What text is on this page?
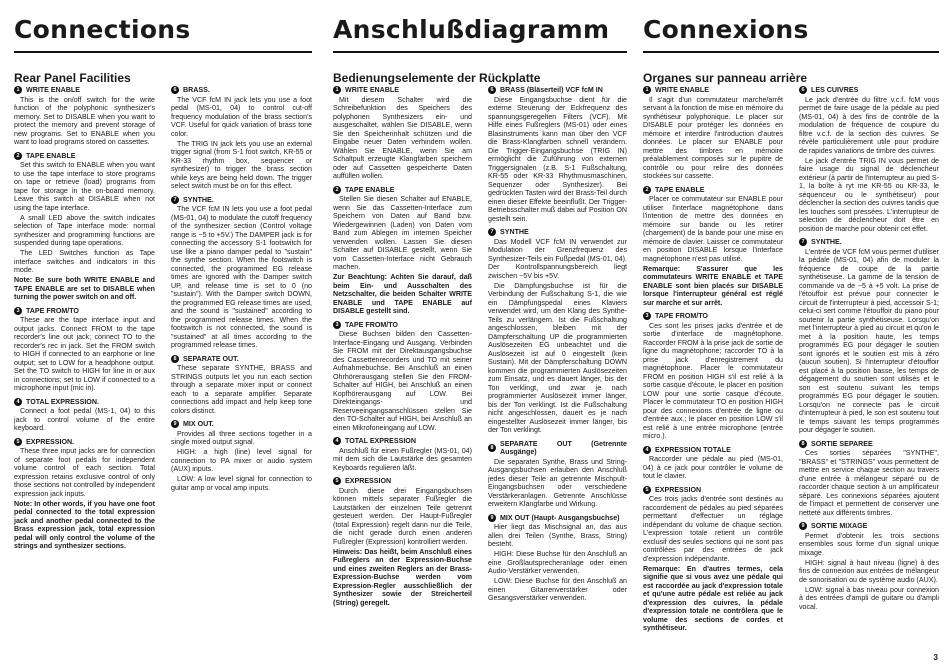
Connections
Rear Panel Facilities
1 WRITE ENABLE
This is the on/off switch for the write function of the polyphonic synthesizer's memory. Set to DISABLE when you want to protect the memory and prevent storage of new programs. Set to ENABLE when you want to load programs stored on cassettes.
2 TAPE ENABLE
Set this switch to ENABLE when you want to use the tape interface to store programs on tape or retrieve (load) programs from tape for storage in the on-board memory. Leave this switch at DISABLE when not using the tape interface.
A small LED above the switch indicates selection of Tape interface mode: normal synthesizer and programming functions are suspended during tape operations.
The LED Switches function as Tape interface switches and indicators in this mode.
Note: Be sure both WRITE ENABLE and TAPE ENABLE are set to DISABLE when turning the power switch on and off.
3 TAPE FROM/TO
These are the tape interface input and output jacks. Connect FROM to the tape recorder's line out jack; connect TO to the recorder's rec in jack. Set the FROM switch to HIGH if connected to an earphone or line output; set to LOW for a headphone output. Set the TO switch to HIGH for line in or aux in connections; set to LOW if connected to a microphone input (mic in).
4 TOTAL EXPRESSION.
Connect a foot pedal (MS-1, 04) to this jack to control volume of the entire keyboard.
5 EXPRESSION.
These three input jacks are for connection of separate foot pedals for independent volume control of each section. Total expression retains exclusive control of only those sections not controlled by independent expression jack inputs.
Note: In other words, if you have one foot pedal connected to the total expression jack and another pedal connected to the Brass expression jack, total expression pedal will only control the volume of the strings and synthesizer sections.
6 BRASS.
The VCF fcM IN jack lets you use a foot pedal (MS-01, 04) to control cut-off frequency modulation of the brass section's VCF. Useful for quick variation of brass tone color.
The TRIG IN jack lets you use an external trigger signal (from S-1 foot switch, KR-55 or KR-33 rhythm box, sequencer or synthesizer) to trigger the brass section while keys are being held down. The trigger select switch must be on for this effect.
7 SYNTHE.
The VCF fcM IN lets you use a foot pedal (MS-01, 04) to modulate the cutoff frequency of the synthesizer section (Control voltage range is −5 to +5V.) The DAMPER jack is for connecting the accessory S-1 footswitch for use like a piano damper pedal to "sustain" the synthe section. When the footswitch is connected, the programmed EG release times are ignored with the Damper switch UP, and release time is set to 0 (no "sustain"). With the Damper switch DOWN, the programmed EG release times are used, and the sound is "sustained" according to the programmed release times. When the footswitch is not connected, the sound is "sustained" at all times according to the programmed release times.
8 SEPARATE OUT.
These separate SYNTHE, BRASS and STRINGS outputs let you run each section through a separate mixer input or connect each to a separate amplifier. Separate connections add impact and help keep tone colors distinct.
9 MIX OUT.
Provides all three sections together in a single mixed output signal.
HIGH: a high (line) level signal for connection to PA mixer or audio system (AUX) inputs.
LOW: A low level signal for connection to guitar amp or vocal amp inputs.
Anschlußdiagramm
Bedienungselemente der Rückplatte
1 WRITE ENABLE
Mit diesem Schalter wird die Schreibefunktion des Speichers des polyphonen Synthesizers ein- und ausgeschaltet, wählen Sie DISABLE, wenn Sie den Speicherinhalt schützen und die Eingabe neuer Daten verhindern wollen. Wählen Sie ENABLE, wenn Sie am Schaltpult erzeugte Klangfarben speichern oder auf Cassetten gespeicherte Daten auffüllen wollen.
2 TAPE ENABLE
Stellen Sie diesen Schalter auf ENABLE, wenn Sie das Cassetten-Interface zum Speichern von Daten auf Band bzw. Wiedergewinnen (Laden) von Daten vom Band zum Ablegen im internen Speicher verwenden wollen. Lassen Sie diesen Schalter auf DISABLE gestellt, wenn Sie vom Cassetten-Interface nicht Gebrauch machen.
Zur Beachtung: Achten Sie darauf, daß beim Ein- und Ausschalten des Netzschalter, die beiden Schalter WRITE ENABLE und TAPE ENABLE auf DISABLE gestellt sind.
3 TAPE FROM/TO
Diese Buchsen bilden den Cassetten-Interface-Eingang und Ausgang. Verbinden Sie FROM mit der Direktausgangsbuchse des Cassettenrecorders und TO mit seiner Aufnahmebuchse. Bei Anschluß an einen Ohrhörerausgang stellen Sie den FROM-Schalter auf HIGH, bei Anschluß an einen Kopfhörerausgang auf LOW. Bei Direkteingangs- und Reserveeingangsanschlüssen stellen Sie den TO-Schalter auf HIGH, bei Anschluß an einen Mikrofoneingang auf LOW.
4 TOTAL EXPRESSION
Anschluß für einen Fußregler (MS-01, 04) mit dem sich die Lautstärke des gesamten Keyboards regulieren läßt.
5 EXPRESSION
Durch diese drei Eingangsbuchsen können mittels separater Fußregler die Lautstärken der einzelnen Teile getrennt gesteuert werden. Der Haupt-Fußregler (total Expression) regelt dann nur die Teile, die nicht gerade durch einen anderen Fußregler (Expression) kontrolliert werden.
Hinweis: Das heißt, beim Anschluß eines Fußreglers an der Expression-Buchse und eines zweiten Reglers an der Brass-Expression-Buchse werden vom Expression-Regler ausschließlich der Synthesizer sowie der Streicherteil (String) geregelt.
6 BRASS (Bläserteil) VCF fcM IN
Diese Eingangsbuchse dient für die externe Steuerung der Eckfrequenz des spannungsgeregelten Filters (VCF). Mit Hilfe eines Fußreglers (MS-01) oder eines Blasinstruments kann man über den VCF die Brass-Klangfarben schnell verändern. Die Trigger-Eingangsbuchse (TRIG IN) ermöglicht die Zuführung von externen Triggersignalen (z.B. S-1 Fußschaltung, KR-55 oder KR-33 Rhythmusmaschinen, Sequenzer oder Synthesizer). Bei gedrückten Tasten wird der Brass-Teil durch einen dieser Effekte beeinflußt. Der Trigger-Betriebsschalter muß dabei auf Position ON gestellt sein.
7 SYNTHE
Das Modell VCF fcM IN verwendet zur Modulation der Grenzfrequenz des Synthesizer-Teils ein Fußpedal (MS-01, 04). Der Kontrollspannungsbereich liegt zwischen −5V bis +5V.
Die Dämpfungsbuchse ist für die Verbindung der Fußschaltung S-1, die wie ein Dämpfungspedal eines Klaviers verwendet wird, um den Klang des Synthe-Teils zu verlängern. Ist die Fußschaltung angeschlossen, bleiben mit der Dämpferschaltung UP die programmierten Auslösezeiten EG unbeachtet und die Auslösezeit ist auf 0 eingestellt (kein Sustain). Mit der Dämpferschaltung DOWN kommen die programmierten Auslösezeiten zum Einsatz, und es dauert länger, bis der Ton verklingt, und zwar je nach programmierter Auslösezeit immer länger, bis der Ton verklingt. Ist die Fußschaltung nicht angeschlossen, dauert es je nach eingestellter Auslösezeit immer länger, bis der Ton verklingt.
8
SEPARATE OUT (Getrennte Ausgänge)
Die separaten Synthe, Brass und String-Ausgangsbuchsen erlauben den Anschluß jedes dieser Teile an getrennte Mischpult-Eingangsbuchsen oder verschiedene Verstärkeranlagen. Getrennte Anschlüsse erweitern Klangfarbe und Wirkung.
9 MIX OUT (Haupt- Ausgangsbuchse)
Hier liegt das Mischsignal an, das aus allen drei Teilen (Synthe, Brass, String) besteht.
HIGH: Diese Buchse für den Anschluß an eine Großlautsprecheranlage oder einen Audio-Verstärker verwenden.
LOW: Diese Buchse für den Anschluß an einen Gitarrenverstärker oder Gesangsverstärker verwenden.
Connexions
Organes sur panneau arrière
1 WRITE ENABLE
Il s'agit d'un commutateur marche/arrêt servant à la fonction de mise en mémoire du synthétiseur polyphonique. Le placer sur DISABLE pour protéger les données en mémoire et interdire l'introduction d'autres données. Le placer sur ENABLE pour mettre des timbres en mémoire préalablement composés sur le pupitre de contrôle ou pour relire des données stockées sur cassette.
2 TAPE ENABLE
Placer ce commutateur sur ENABLE pour utiliser l'interface magnétophone dans l'intention de mettre des données en mémoire sur bande ou les retirer (chargement) de la bande pour une mise en mémoire de clavier. Laisser ce commutateur en position DISABLE lorsque l'interface magnétophone n'est pas utilisé.
Remarque: S'assurer que les commutateurs WRITE ENABLE et TAPE ENABLE sont bien placés sur DISABLE lorsque l'interrupteur général est réglé sur marche et sur arrêt.
3 TAPE FROM/TO
Ces sont les prises jacks d'entrée et de sortie d'interface de magnétophone. Raccorder FROM à la prise jack de sortie de ligne du magnétophone; raccorder TO à la prise jack d'enregistrement du magnétophone. Placer le commutateur FROM en position HIGH s'il est relié à la sortie casque d'écoute, le placer en position LOW pour une sortie casque d'écoute. Placer le commutateur TO en position HIGH pour des connexions d'entrée de ligne ou d'entrée aux.; le placer en position LOW s'il est relié à une entrée microphone (entrée micro.).
4 EXPRESSION TOTALE
Raccorder une pédale au pied (MS-01, 04) à ce jack pour contrôler le volume de tout le clavier.
5 EXPRESSION
Ces trois jacks d'entrée sont destinés au raccordement de pédales au pied séparées permettant d'effectuer un réglage indépendant du volume de chaque section. L'expression totale retient un contrôle exclusif des seules sections qui ne sont pas contrôlées par des entrées de jack d'expression indépendante.
Remarque: En d'autres termes, cela signifie que si vous avez une pédale qui est raccordée au jack d'expression totale et qu'une autre pédale est reliée au jack d'expression des cuivres, la pédale d'expression totale ne contrôlera que le volume des sections de cordes et synthétiseur.
6 LES CUIVRES
Le jack d'entrée du filtre v.c.f. fcM vous permet de faire usage de la pédale au pied (MS-01, 04) à des fins de contrôle de la modulation de fréquence de coupure du filtre v.c.f. de la section des cuivres. Se révèle particulièrement utile pour produire de rapides variations de timbre des cuivres.
Le jack d'entrée TRIG IN vous permet de faire usage du signal de déclencheur extérieur (à partir de l'interrupteur au pied S-1, la boîte à ryt me KR-55 ou KR-33, le séquenceur ou le synthétiseur) pour déclencher la section des cuivres tandis que les touches sont pressées. L'interrupteur de sélection de déclencheur doit être en position de marche pour obtenir cet effet.
7 SYNTHE.
L'entrée de VCF fcM vous permet d'utiliser la pédale (MS-01, 04) afin de moduler la fréquence de coupe de la partie synthétiseuse. La gamme de la tension de commande va de −5 à +5 volt. La prise de l'étouffoir est prévue pour connecter le circuit de l'interrupteur à pied, accessoir S-1; celui-ci sert comme l'étouffoir du piano pour soutenir la partie synthétiseuse. Lorsqu'on met l'interrupteur à pied au circuit et qu'on le met à la position haute, les temps programmés EG pour dégager le soutien sont ignorés et le soutien est mis à zéro (aucun soutien). Si l'interrupteur d'étouffoir est placé à la position basse, les temps de dégagement du soutien sont utilisés et le son est soutenu suivant les temps programmés EG pour dégager le soutien. Lorsqu'on ne connecte pas le circuit d'interrupteur à pied, le son est soutenu tout le temps suivant les temps programmés pour dégager le soutien.
8 SORTIE SEPAREE
Ces sorties séparées "SYNTHE", "BRASS" et "STRINGS" vous permettent de mettre en service chaque section au travers d'une entrée à mélangeur séparé ou de raccorder chaque section à un amplificateur séparé. Les connexions séparées ajoutent de l'impact et permettent de conserver une netteté aux différents timbres.
9 SORTIE MIXAGE
Permet d'obtenir les trois sections ensembles sous forme d'un signal unique mixage.
HIGH: signal à haut niveau (ligne) à des fins de connexion aux entrées de mélangeur de sonorisation ou de système audio (AUX).
LOW: signal à bas niveau pour connexion à des entrées d'ampli de guitare ou d'ampli vocal.
3
